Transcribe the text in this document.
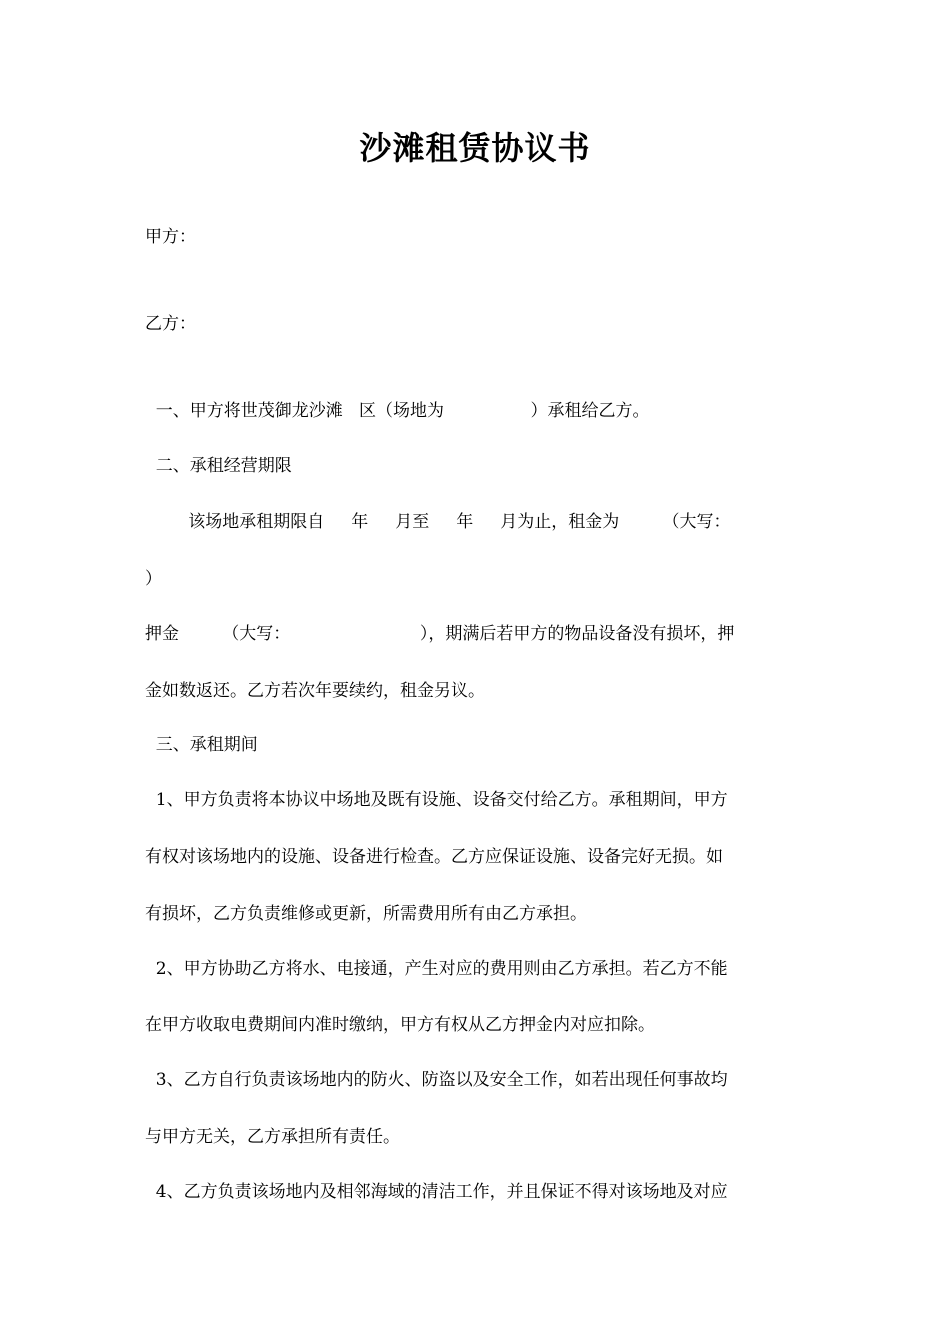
沙滩租赁协议书
甲方：
乙方：
一、甲方将世茂御龙沙滩   区（场地为                ）承租给乙方。
二、承租经营期限
该场地承租期限自     年     月至     年     月为止，租金为        （大写：
）
押金        （大写：                        ），期满后若甲方的物品设备没有损坏，押
金如数返还。乙方若次年要续约，租金另议。
三、承租期间
1、甲方负责将本协议中场地及既有设施、设备交付给乙方。承租期间，甲方
有权对该场地内的设施、设备进行检查。乙方应保证设施、设备完好无损。如
有损坏，乙方负责维修或更新，所需费用所有由乙方承担。
2、甲方协助乙方将水、电接通，产生对应的费用则由乙方承担。若乙方不能
在甲方收取电费期间内准时缴纳，甲方有权从乙方押金内对应扣除。
3、乙方自行负责该场地内的防火、防盗以及安全工作，如若出现任何事故均
与甲方无关，乙方承担所有责任。
4、乙方负责该场地内及相邻海域的清洁工作，并且保证不得对该场地及对应
